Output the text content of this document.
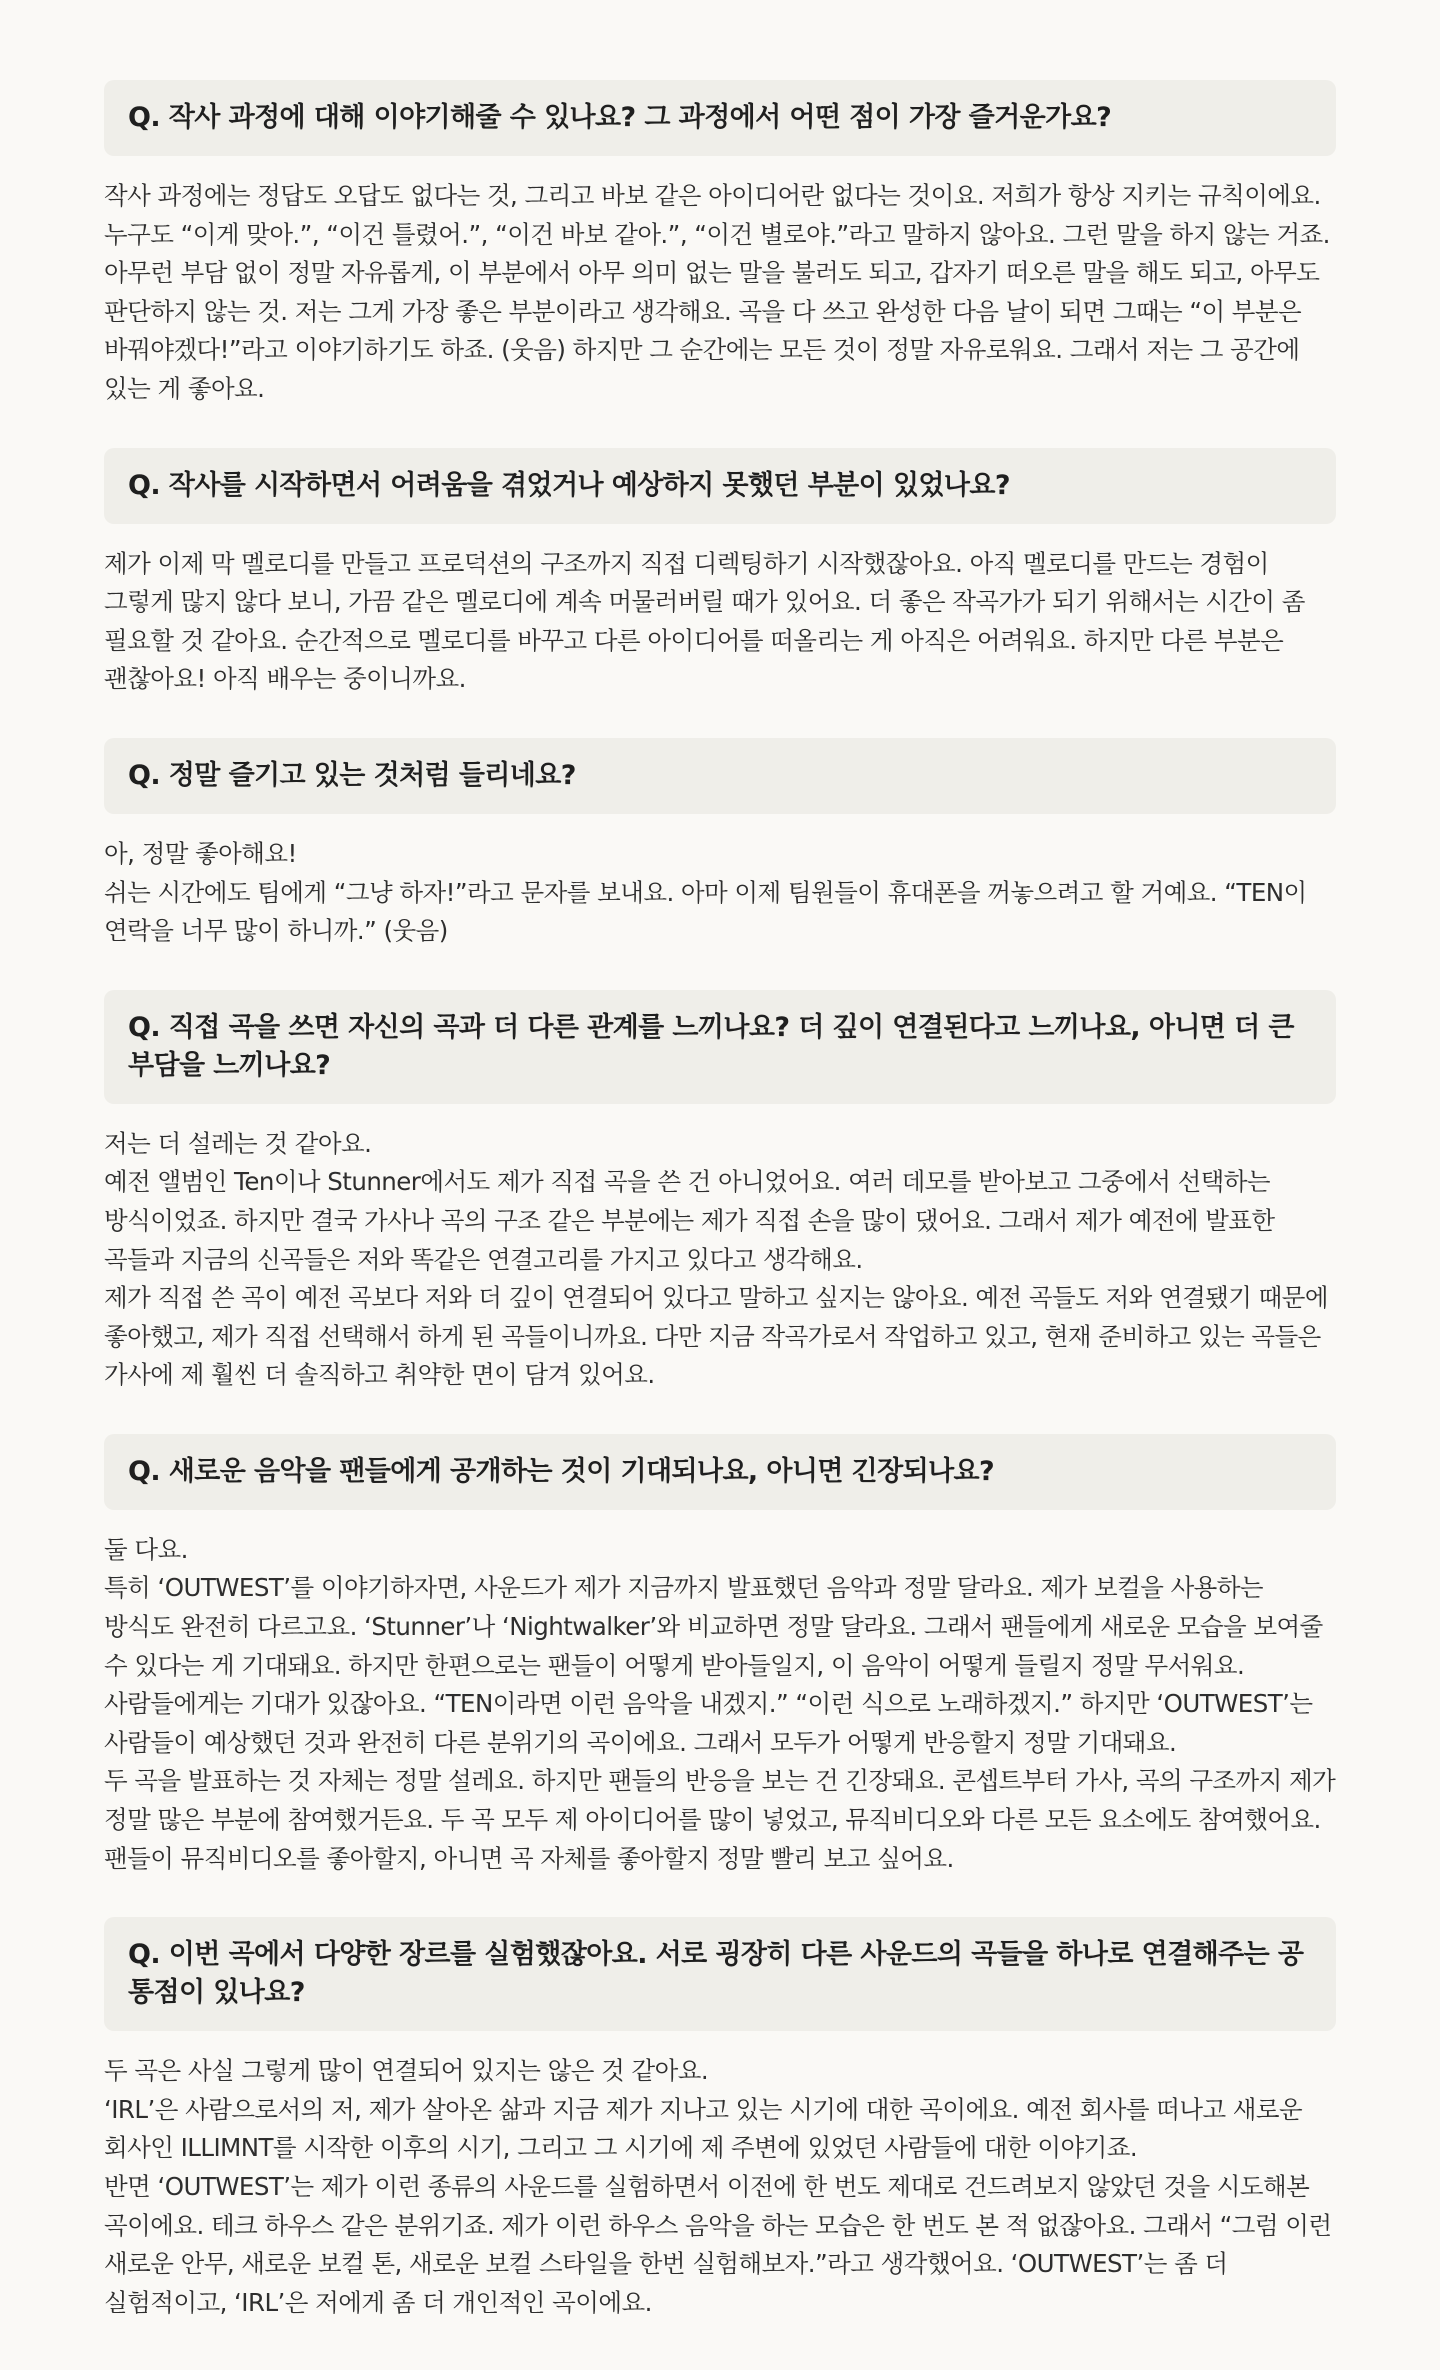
Q. 작사 과정에 대해 이야기해줄 수 있나요? 그 과정에서 어떤 점이 가장 즐거운가요?

작사 과정에는 정답도 오답도 없다는 것, 그리고 바보 같은 아이디어란 없다는 것이요. 저희가 항상 지키는 규칙이에요. 누구도 “이게 맞아.”, “이건 틀렸어.”, “이건 바보 같아.”, “이건 별로야.”라고 말하지 않아요. 그런 말을 하지 않는 거죠. 아무런 부담 없이 정말 자유롭게, 이 부분에서 아무 의미 없는 말을 불러도 되고, 갑자기 떠오른 말을 해도 되고, 아무도 판단하지 않는 것. 저는 그게 가장 좋은 부분이라고 생각해요. 곡을 다 쓰고 완성한 다음 날이 되면 그때는 “이 부분은 바꿔야겠다!”라고 이야기하기도 하죠. (웃음) 하지만 그 순간에는 모든 것이 정말 자유로워요. 그래서 저는 그 공간에 있는 게 좋아요.

Q. 작사를 시작하면서 어려움을 겪었거나 예상하지 못했던 부분이 있었나요?

제가 이제 막 멜로디를 만들고 프로덕션의 구조까지 직접 디렉팅하기 시작했잖아요. 아직 멜로디를 만드는 경험이 그렇게 많지 않다 보니, 가끔 같은 멜로디에 계속 머물러버릴 때가 있어요. 더 좋은 작곡가가 되기 위해서는 시간이 좀 필요할 것 같아요. 순간적으로 멜로디를 바꾸고 다른 아이디어를 떠올리는 게 아직은 어려워요. 하지만 다른 부분은 괜찮아요! 아직 배우는 중이니까요.

Q. 정말 즐기고 있는 것처럼 들리네요?

아, 정말 좋아해요!

쉬는 시간에도 팀에게 “그냥 하자!”라고 문자를 보내요. 아마 이제 팀원들이 휴대폰을 꺼놓으려고 할 거예요. “TEN이 연락을 너무 많이 하니까.” (웃음)

Q. 직접 곡을 쓰면 자신의 곡과 더 다른 관계를 느끼나요? 더 깊이 연결된다고 느끼나요, 아니면 더 큰 부담을 느끼나요?

저는 더 설레는 것 같아요.

예전 앨범인 Ten이나 Stunner에서도 제가 직접 곡을 쓴 건 아니었어요. 여러 데모를 받아보고 그중에서 선택하는 방식이었죠. 하지만 결국 가사나 곡의 구조 같은 부분에는 제가 직접 손을 많이 댔어요. 그래서 제가 예전에 발표한 곡들과 지금의 신곡들은 저와 똑같은 연결고리를 가지고 있다고 생각해요.

제가 직접 쓴 곡이 예전 곡보다 저와 더 깊이 연결되어 있다고 말하고 싶지는 않아요. 예전 곡들도 저와 연결됐기 때문에 좋아했고, 제가 직접 선택해서 하게 된 곡들이니까요. 다만 지금 작곡가로서 작업하고 있고, 현재 준비하고 있는 곡들은 가사에 제 훨씬 더 솔직하고 취약한 면이 담겨 있어요.

Q. 새로운 음악을 팬들에게 공개하는 것이 기대되나요, 아니면 긴장되나요?

둘 다요.

특히 ‘OUTWEST’를 이야기하자면, 사운드가 제가 지금까지 발표했던 음악과 정말 달라요. 제가 보컬을 사용하는 방식도 완전히 다르고요. ‘Stunner’나 ‘Nightwalker’와 비교하면 정말 달라요. 그래서 팬들에게 새로운 모습을 보여줄 수 있다는 게 기대돼요. 하지만 한편으로는 팬들이 어떻게 받아들일지, 이 음악이 어떻게 들릴지 정말 무서워요. 사람들에게는 기대가 있잖아요. “TEN이라면 이런 음악을 내겠지.” “이런 식으로 노래하겠지.” 하지만 ‘OUTWEST’는 사람들이 예상했던 것과 완전히 다른 분위기의 곡이에요. 그래서 모두가 어떻게 반응할지 정말 기대돼요.

두 곡을 발표하는 것 자체는 정말 설레요. 하지만 팬들의 반응을 보는 건 긴장돼요. 콘셉트부터 가사, 곡의 구조까지 제가 정말 많은 부분에 참여했거든요. 두 곡 모두 제 아이디어를 많이 넣었고, 뮤직비디오와 다른 모든 요소에도 참여했어요. 팬들이 뮤직비디오를 좋아할지, 아니면 곡 자체를 좋아할지 정말 빨리 보고 싶어요.

Q. 이번 곡에서 다양한 장르를 실험했잖아요. 서로 굉장히 다른 사운드의 곡들을 하나로 연결해주는 공통점이 있나요?

두 곡은 사실 그렇게 많이 연결되어 있지는 않은 것 같아요.

‘IRL’은 사람으로서의 저, 제가 살아온 삶과 지금 제가 지나고 있는 시기에 대한 곡이에요. 예전 회사를 떠나고 새로운 회사인 ILLIMNT를 시작한 이후의 시기, 그리고 그 시기에 제 주변에 있었던 사람들에 대한 이야기죠.

반면 ‘OUTWEST’는 제가 이런 종류의 사운드를 실험하면서 이전에 한 번도 제대로 건드려보지 않았던 것을 시도해본 곡이에요. 테크 하우스 같은 분위기죠. 제가 이런 하우스 음악을 하는 모습은 한 번도 본 적 없잖아요. 그래서 “그럼 이런 새로운 안무, 새로운 보컬 톤, 새로운 보컬 스타일을 한번 실험해보자.”라고 생각했어요. ‘OUTWEST’는 좀 더 실험적이고, ‘IRL’은 저에게 좀 더 개인적인 곡이에요.
